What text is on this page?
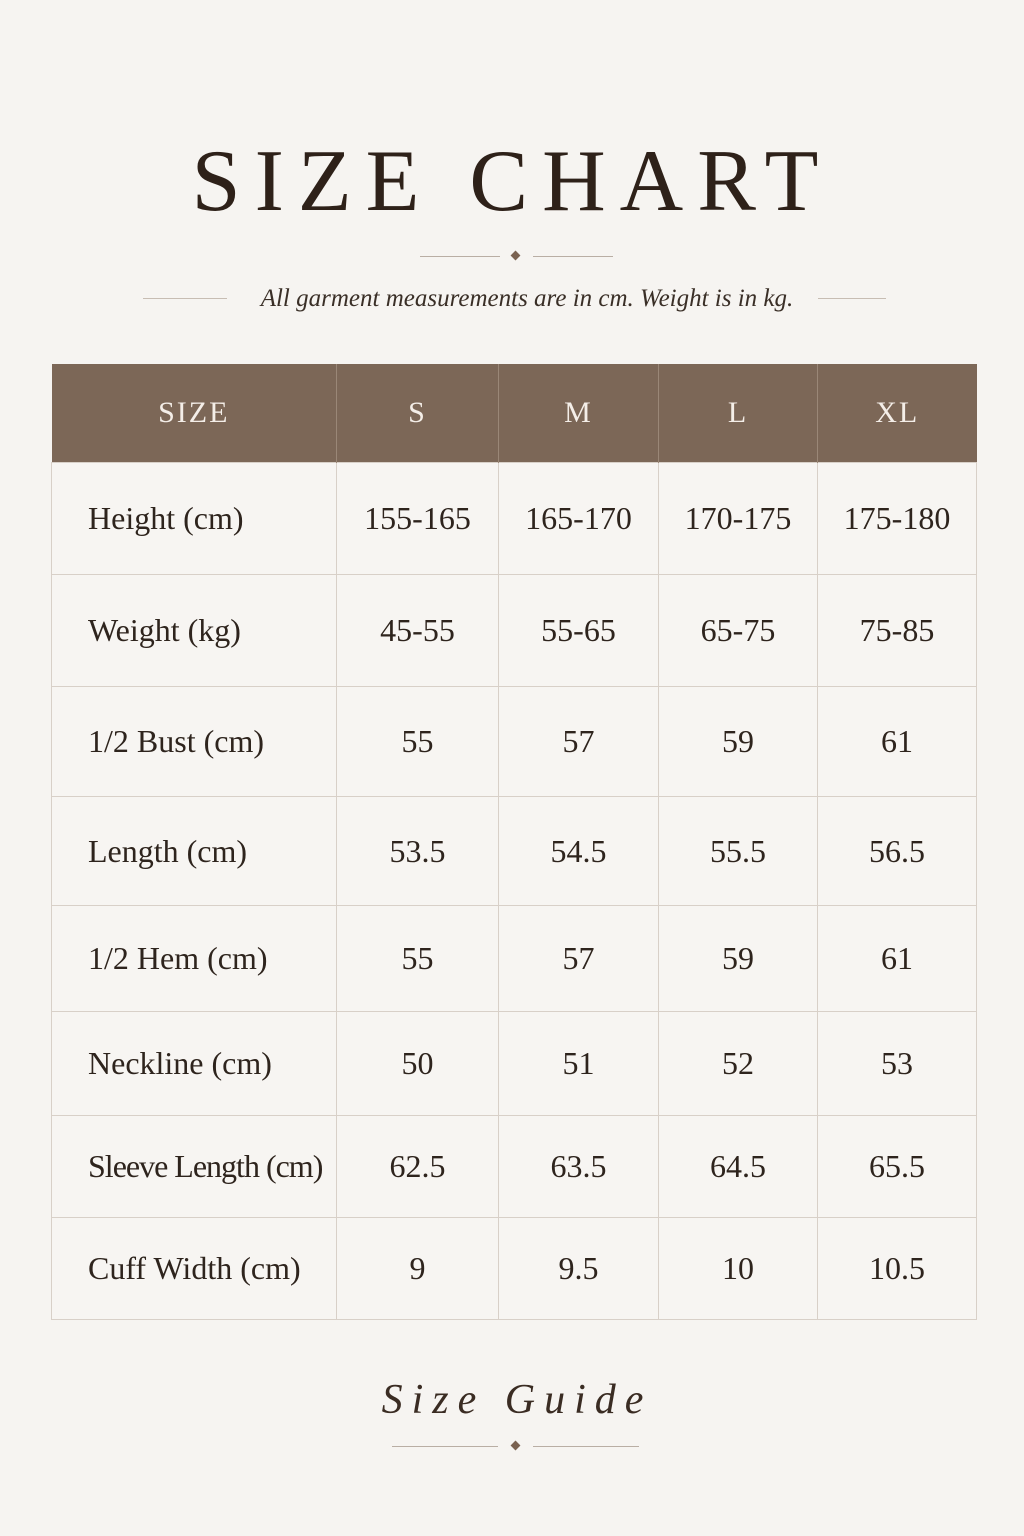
SIZE CHART
All garment measurements are in cm. Weight is in kg.
SIZE	S	M	L	XL
Height (cm)	155-165	165-170	170-175	175-180
Weight (kg)	45-55	55-65	65-75	75-85
1/2 Bust (cm)	55	57	59	61
Length (cm)	53.5	54.5	55.5	56.5
1/2 Hem (cm)	55	57	59	61
Neckline (cm)	50	51	52	53
Sleeve Length (cm)	62.5	63.5	64.5	65.5
Cuff Width (cm)	9	9.5	10	10.5
Size Guide
